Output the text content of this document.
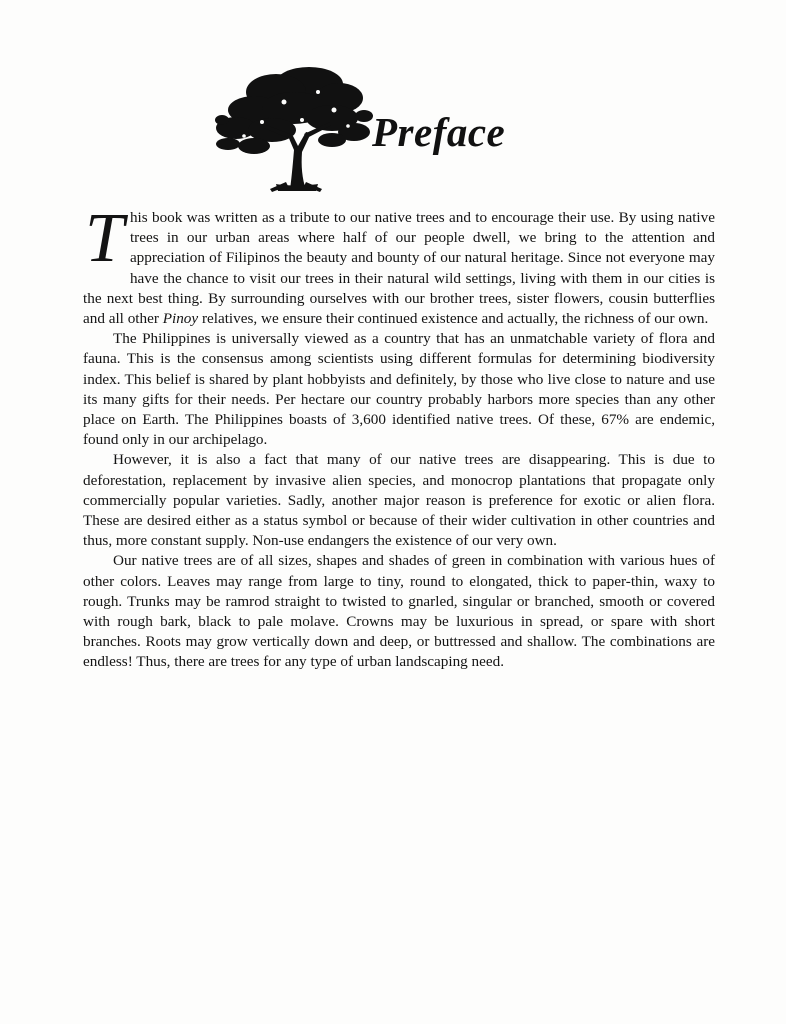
Preface

This book was written as a tribute to our native trees and to encourage their use. By using native trees in our urban areas where half of our people dwell, we bring to the attention and appreciation of Filipinos the beauty and bounty of our natural heritage. Since not everyone may have the chance to visit our trees in their natural wild settings, living with them in our cities is the next best thing. By surrounding ourselves with our brother trees, sister flowers, cousin butterflies and all other Pinoy relatives, we ensure their continued existence and actually, the richness of our own.

The Philippines is universally viewed as a country that has an unmatchable variety of flora and fauna. This is the consensus among scientists using different formulas for determining biodiversity index. This belief is shared by plant hobbyists and definitely, by those who live close to nature and use its many gifts for their needs. Per hectare our country probably harbors more species than any other place on Earth. The Philippines boasts of 3,600 identified native trees. Of these, 67% are endemic, found only in our archipelago.

However, it is also a fact that many of our native trees are disappearing. This is due to deforestation, replacement by invasive alien species, and monocrop plantations that propagate only commercially popular varieties. Sadly, another major reason is preference for exotic or alien flora. These are desired either as a status symbol or because of their wider cultivation in other countries and thus, more constant supply. Non-use endangers the existence of our very own.

Our native trees are of all sizes, shapes and shades of green in combination with various hues of other colors. Leaves may range from large to tiny, round to elongated, thick to paper-thin, waxy to rough. Trunks may be ramrod straight to twisted to gnarled, singular or branched, smooth or covered with rough bark, black to pale molave. Crowns may be luxurious in spread, or spare with short branches. Roots may grow vertically down and deep, or buttressed and shallow. The combinations are endless! Thus, there are trees for any type of urban landscaping need.
